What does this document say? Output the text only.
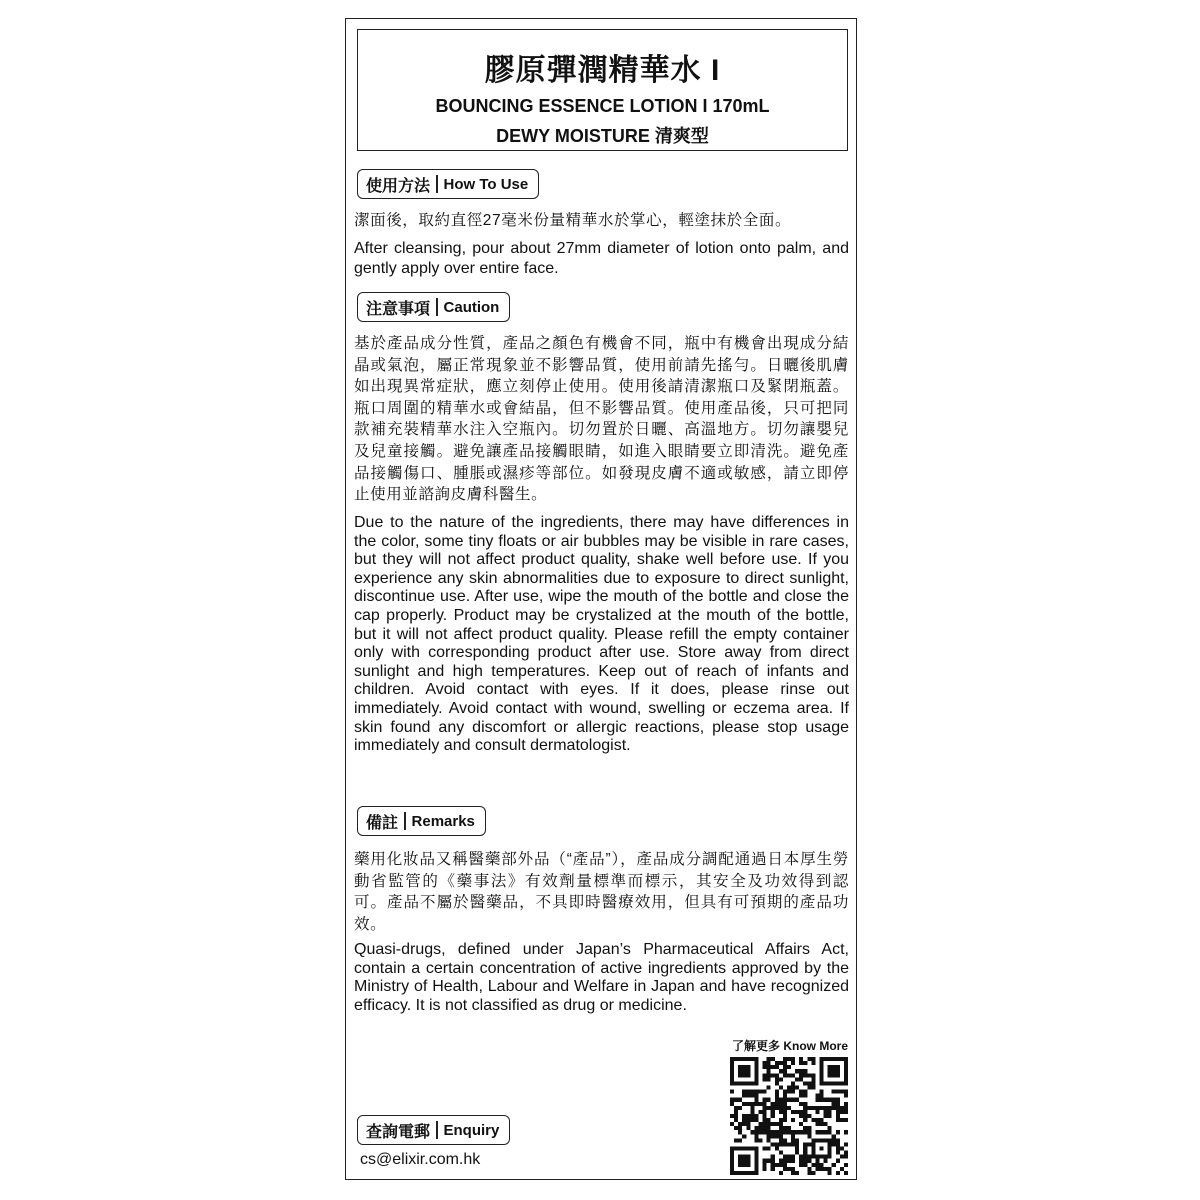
膠原彈潤精華水 I
BOUNCING ESSENCE LOTION I 170mL
DEWY MOISTURE 清爽型
使用方法 How To Use
潔面後，取約直徑27毫米份量精華水於掌心，輕塗抹於全面。
After cleansing, pour about 27mm diameter of lotion onto palm, and gently apply over entire face.
注意事項 Caution
基於產品成分性質，產品之顏色有機會不同，瓶中有機會出現成分結晶或氣泡，屬正常現象並不影響品質，使用前請先搖勻。日曬後肌膚如出現異常症狀，應立刻停止使用。使用後請清潔瓶口及緊閉瓶蓋。瓶口周圍的精華水或會結晶，但不影響品質。使用產品後，只可把同款補充裝精華水注入空瓶內。切勿置於日曬、高溫地方。切勿讓嬰兒及兒童接觸。避免讓產品接觸眼睛，如進入眼睛要立即清洗。避免產品接觸傷口、腫脹或濕疹等部位。如發現皮膚不適或敏感，請立即停止使用並諮詢皮膚科醫生。
Due to the nature of the ingredients, there may have differences in the color, some tiny floats or air bubbles may be visible in rare cases, but they will not affect product quality, shake well before use. If you experience any skin abnormalities due to exposure to direct sunlight, discontinue use. After use, wipe the mouth of the bottle and close the cap properly. Product may be crystalized at the mouth of the bottle, but it will not affect product quality. Please refill the empty container only with corresponding product after use. Store away from direct sunlight and high temperatures. Keep out of reach of infants and children. Avoid contact with eyes. If it does, please rinse out immediately. Avoid contact with wound, swelling or eczema area. If skin found any discomfort or allergic reactions, please stop usage immediately and consult dermatologist.
備註 Remarks
藥用化妝品又稱醫藥部外品（“產品”），產品成分調配通過日本厚生勞動省監管的《藥事法》有效劑量標準而標示，其安全及功效得到認可。產品不屬於醫藥品，不具即時醫療效用，但具有可預期的產品功效。
Quasi-drugs, defined under Japan’s Pharmaceutical Affairs Act, contain a certain concentration of active ingredients approved by the Ministry of Health, Labour and Welfare in Japan and have recognized efficacy. It is not classified as drug or medicine.
了解更多 Know More
查詢電郵 Enquiry
cs@elixir.com.hk
